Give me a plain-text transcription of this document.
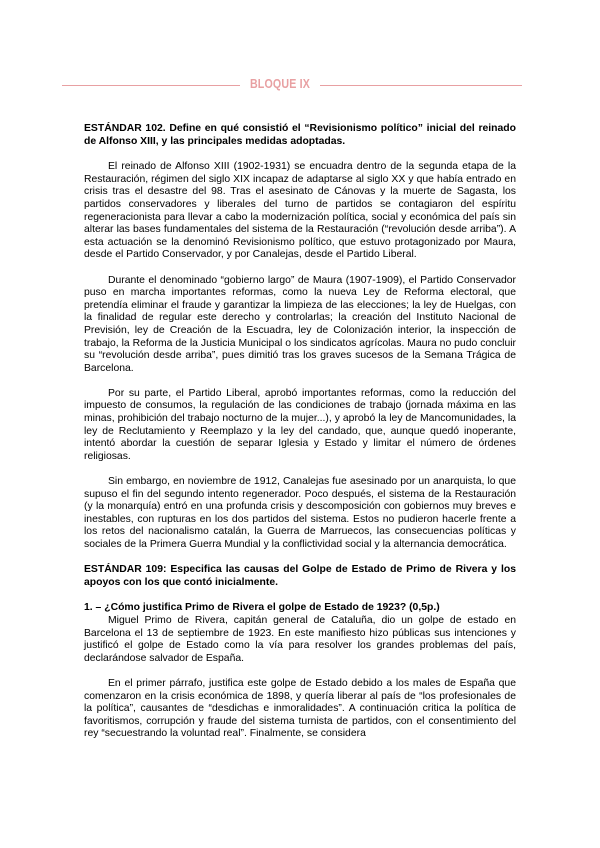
BLOQUE IX
ESTÁNDAR 102. Define en qué consistió el “Revisionismo político” inicial del reinado de Alfonso XIII, y las principales medidas adoptadas.

El reinado de Alfonso XIII (1902-1931) se encuadra dentro de la segunda etapa de la Restauración, régimen del siglo XIX incapaz de adaptarse al siglo XX y que había entrado en crisis tras el desastre del 98. Tras el asesinato de Cánovas y la muerte de Sagasta, los partidos conservadores y liberales del turno de partidos se contagiaron del espíritu regeneracionista para llevar a cabo la modernización política, social y económica del país sin alterar las bases fundamentales del sistema de la Restauración (“revolución desde arriba”). A esta actuación se la denominó Revisionismo político, que estuvo protagonizado por Maura, desde el Partido Conservador, y por Canalejas, desde el Partido Liberal.

Durante el denominado “gobierno largo” de Maura (1907-1909), el Partido Conservador puso en marcha importantes reformas, como la nueva Ley de Reforma electoral, que pretendía eliminar el fraude y garantizar la limpieza de las elecciones; la ley de Huelgas, con la finalidad de regular este derecho y controlarlas; la creación del Instituto Nacional de Previsión, ley de Creación de la Escuadra, ley de Colonización interior, la inspección de trabajo, la Reforma de la Justicia Municipal o los sindicatos agrícolas. Maura no pudo concluir su “revolución desde arriba”, pues dimitió tras los graves sucesos de la Semana Trágica de Barcelona.

Por su parte, el Partido Liberal, aprobó importantes reformas, como la reducción del impuesto de consumos, la regulación de las condiciones de trabajo (jornada máxima en las minas, prohibición del trabajo nocturno de la mujer...), y aprobó la ley de Mancomunidades, la ley de Reclutamiento y Reemplazo y la ley del candado, que, aunque quedó inoperante, intentó abordar la cuestión de separar Iglesia y Estado y limitar el número de órdenes religiosas.

Sin embargo, en noviembre de 1912, Canalejas fue asesinado por un anarquista, lo que supuso el fin del segundo intento regenerador. Poco después, el sistema de la Restauración (y la monarquía) entró en una profunda crisis y descomposición con gobiernos muy breves e inestables, con rupturas en los dos partidos del sistema. Estos no pudieron hacerle frente a los retos del nacionalismo catalán, la Guerra de Marruecos, las consecuencias políticas y sociales de la Primera Guerra Mundial y la conflictividad social y la alternancia democrática.

ESTÁNDAR 109: Especifica las causas del Golpe de Estado de Primo de Rivera y los apoyos con los que contó inicialmente.
1. – ¿Cómo justifica Primo de Rivera el golpe de Estado de 1923? (0,5p.)

Miguel Primo de Rivera, capitán general de Cataluña, dio un golpe de estado en Barcelona el 13 de septiembre de 1923. En este manifiesto hizo públicas sus intenciones y justificó el golpe de Estado como la vía para resolver los grandes problemas del país, declarándose salvador de España.

En el primer párrafo, justifica este golpe de Estado debido a los males de España que comenzaron en la crisis económica de 1898, y quería liberar al país de “los profesionales de la política”, causantes de “desdichas e inmoralidades”. A continuación critica la política de favoritismos, corrupción y fraude del sistema turnista de partidos, con el consentimiento del rey “secuestrando la voluntad real”. Finalmente, se considera
